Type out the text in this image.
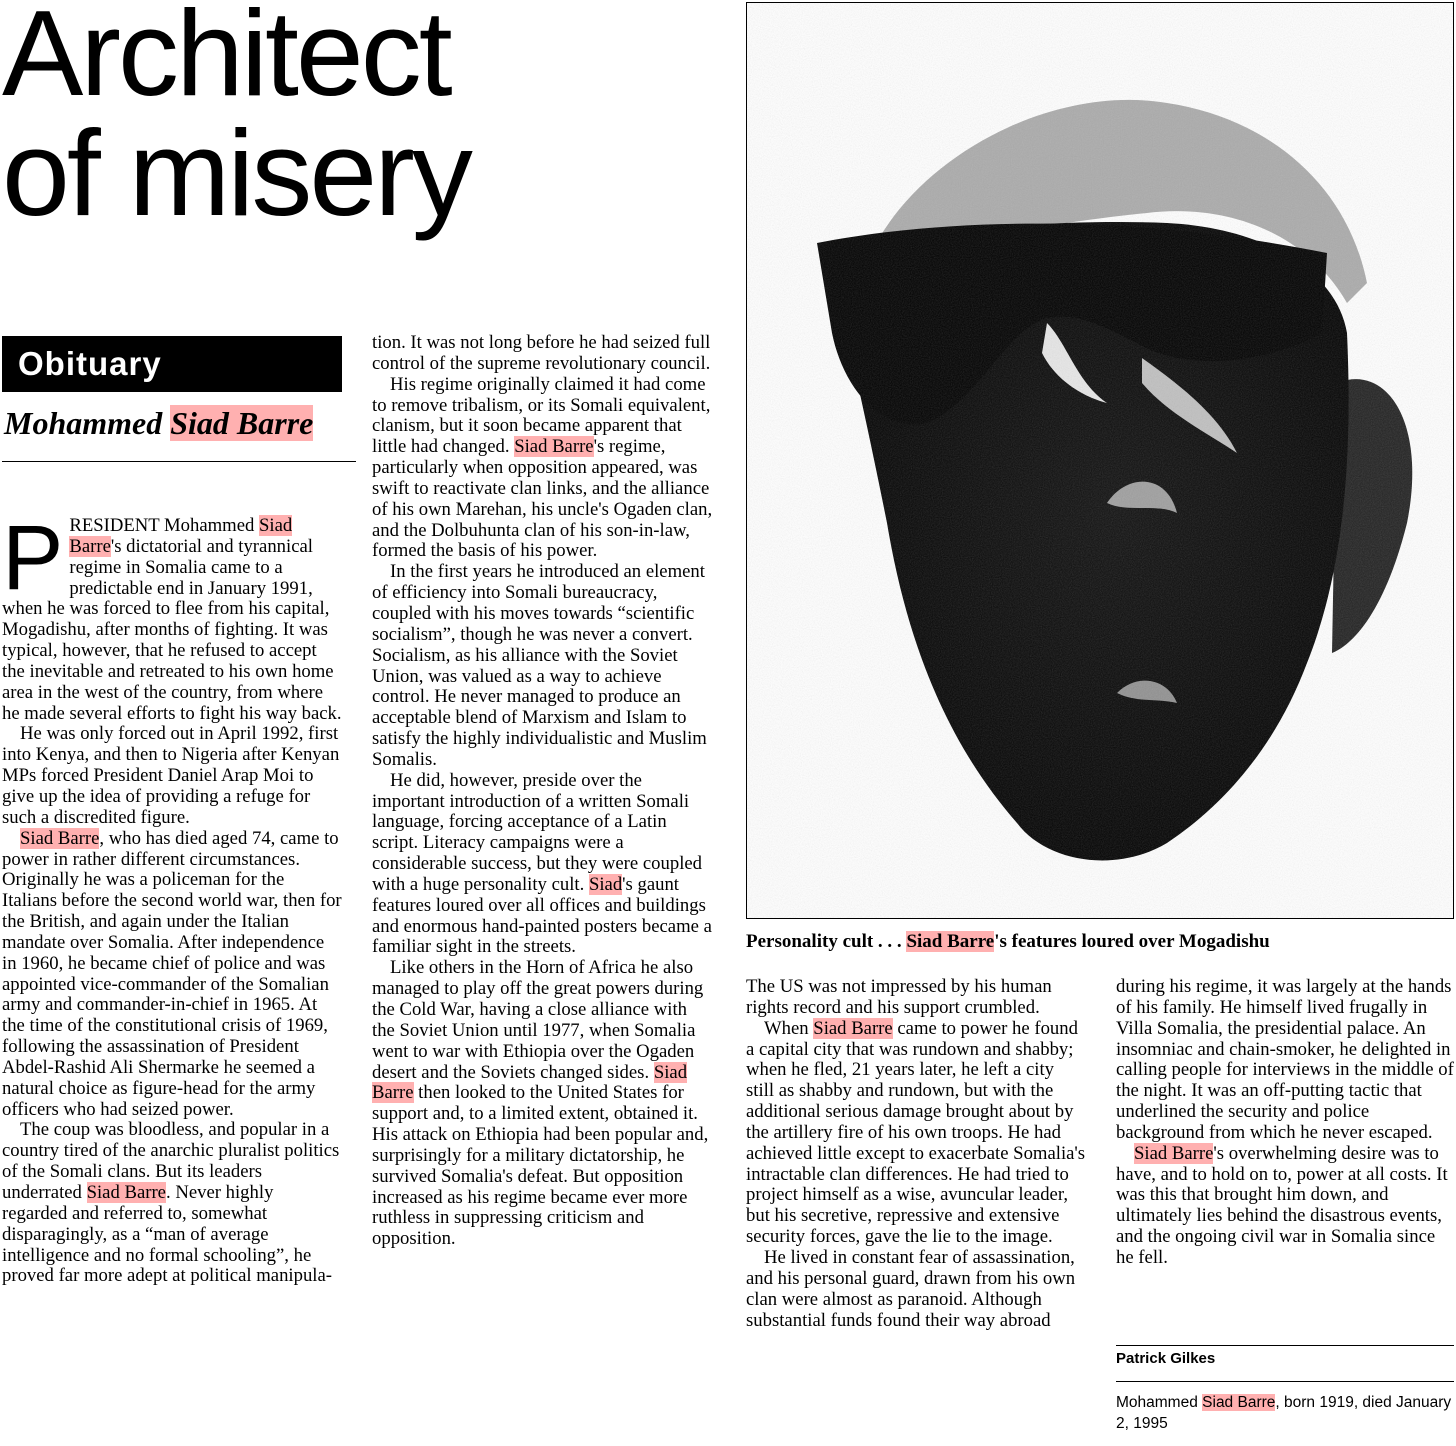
Architect
of misery
Obituary
Mohammed Siad Barre

PRESIDENT Mohammed Siad Barre's dictatorial and tyrannical regime in Somalia came to a predictable end in January 1991, when he was forced to flee from his capital, Mogadishu, after months of fighting. It was typical, however, that he refused to accept the inevitable and retreated to his own home area in the west of the country, from where he made several efforts to fight his way back.

He was only forced out in April 1992, first into Kenya, and then to Nigeria after Kenyan MPs forced President Daniel Arap Moi to give up the idea of providing a refuge for such a discredited figure.

Siad Barre, who has died aged 74, came to power in rather different circumstances. Originally he was a policeman for the Italians before the second world war, then for the British, and again under the Italian mandate over Somalia. After independence in 1960, he became chief of police and was appointed vice-commander of the Somalian army and commander-in-chief in 1965. At the time of the constitutional crisis of 1969, following the assassination of President Abdel-Rashid Ali Shermarke he seemed a natural choice as figure-head for the army officers who had seized power.

The coup was bloodless, and popular in a country tired of the anarchic pluralist politics of the Somali clans. But its leaders underrated Siad Barre. Never highly regarded and referred to, somewhat disparagingly, as a “man of average intelligence and no formal schooling”, he proved far more adept at political manipula-

tion. It was not long before he had seized full control of the supreme revolutionary council.

His regime originally claimed it had come to remove tribalism, or its Somali equivalent, clanism, but it soon became apparent that little had changed. Siad Barre's regime, particularly when opposition appeared, was swift to reactivate clan links, and the alliance of his own Marehan, his uncle's Ogaden clan, and the Dolbuhunta clan of his son-in-law, formed the basis of his power.

In the first years he introduced an element of efficiency into Somali bureaucracy, coupled with his moves towards “scientific socialism”, though he was never a convert. Socialism, as his alliance with the Soviet Union, was valued as a way to achieve control. He never managed to produce an acceptable blend of Marxism and Islam to satisfy the highly individualistic and Muslim Somalis.

He did, however, preside over the important introduction of a written Somali language, forcing acceptance of a Latin script. Literacy campaigns were a considerable success, but they were coupled with a huge personality cult. Siad's gaunt features loured over all offices and buildings and enormous hand-painted posters became a familiar sight in the streets.

Like others in the Horn of Africa he also managed to play off the great powers during the Cold War, having a close alliance with the Soviet Union until 1977, when Somalia went to war with Ethiopia over the Ogaden desert and the Soviets changed sides. Siad Barre then looked to the United States for support and, to a limited extent, obtained it. His attack on Ethiopia had been popular and, surprisingly for a military dictatorship, he survived Somalia's defeat. But opposition increased as his regime became ever more ruthless in suppressing criticism and opposition.

Personality cult . . . Siad Barre's features loured over Mogadishu

The US was not impressed by his human rights record and his support crumbled.

When Siad Barre came to power he found a capital city that was rundown and shabby; when he fled, 21 years later, he left a city still as shabby and rundown, but with the additional serious damage brought about by the artillery fire of his own troops. He had achieved little except to exacerbate Somalia's intractable clan differences. He had tried to project himself as a wise, avuncular leader, but his secretive, repressive and extensive security forces, gave the lie to the image.

He lived in constant fear of assassination, and his personal guard, drawn from his own clan were almost as paranoid. Although substantial funds found their way abroad

during his regime, it was largely at the hands of his family. He himself lived frugally in Villa Somalia, the presidential palace. An insomniac and chain-smoker, he delighted in calling people for interviews in the middle of the night. It was an off-putting tactic that underlined the security and police background from which he never escaped.

Siad Barre's overwhelming desire was to have, and to hold on to, power at all costs. It was this that brought him down, and ultimately lies behind the disastrous events, and the ongoing civil war in Somalia since he fell.

Patrick Gilkes
Mohammed Siad Barre, born 1919, died January 2, 1995
